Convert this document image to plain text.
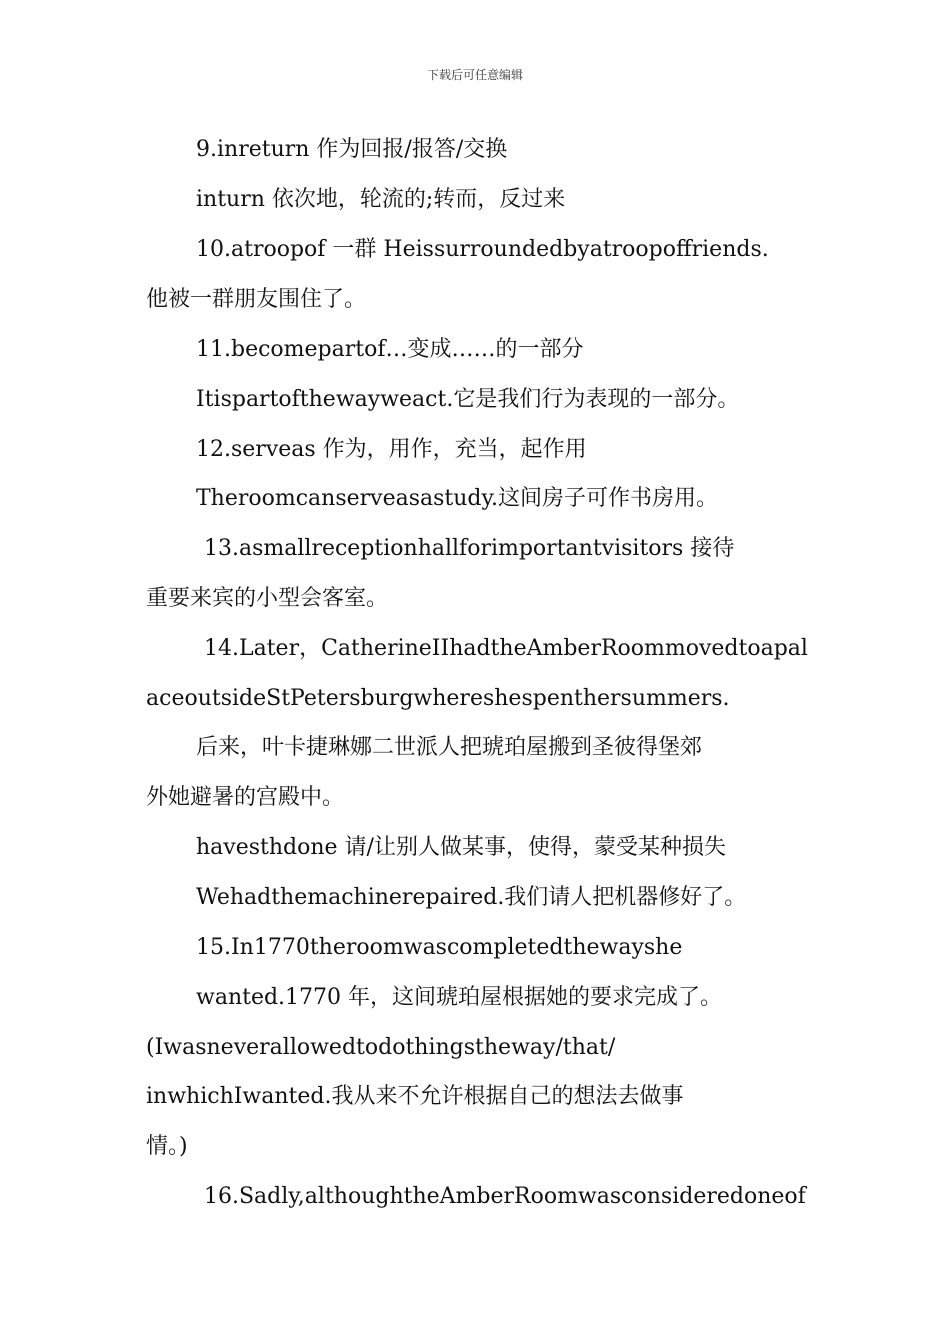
下载后可任意编辑
9.inreturn 作为回报/报答/交换
inturn 依次地，轮流的;转而，反过来
10.atroopof 一群 Heissurroundedbyatroopoffriends.
他被一群朋友围住了。
11.becomepartof…变成……的一部分
Itispartofthewayweact.它是我们行为表现的一部分。
12.serveas 作为，用作，充当，起作用
Theroomcanserveasastudy.这间房子可作书房用。
13.asmallreceptionhallforimportantvisitors 接待
重要来宾的小型会客室。
14.Later，CatherineIIhadtheAmberRoommovedtoapal
aceoutsideStPetersburgwhereshespenthersummers.
后来，叶卡捷琳娜二世派人把琥珀屋搬到圣彼得堡郊
外她避暑的宫殿中。
havesthdone 请/让别人做某事，使得，蒙受某种损失
Wehadthemachinerepaired.我们请人把机器修好了。
15.In1770theroomwascompletedthewayshe
wanted.1770 年，这间琥珀屋根据她的要求完成了。
(Iwasneverallowedtodothingstheway/that/
inwhichIwanted.我从来不允许根据自己的想法去做事
情。)
16.Sadly,althoughtheAmberRoomwasconsideredoneof
